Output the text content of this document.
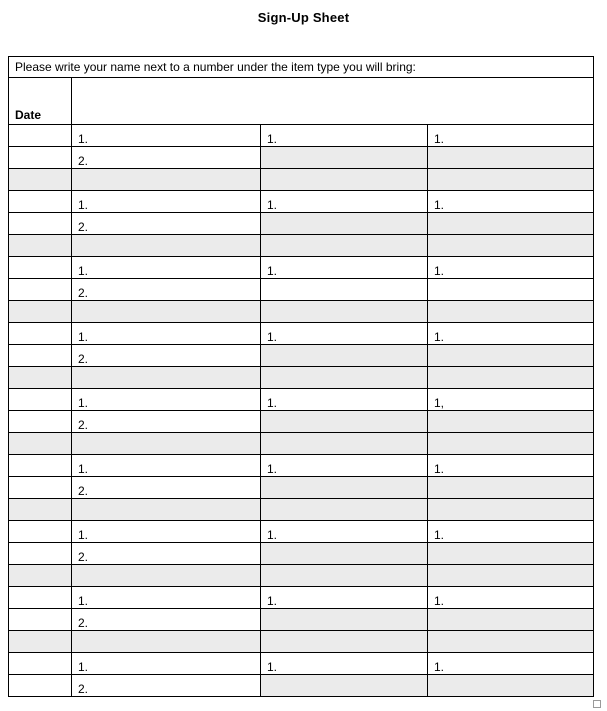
Sign-Up Sheet
Please write your name next to a number under the item type you will bring:			
Date			
	1.	1.	1.
	2.		

	1.	1.	1.
	2.		

	1.	1.	1.
	2.		

	1.	1.	1.
	2.		

	1.	1.	1,
	2.		

	1.	1.	1.
	2.		

	1.	1.	1.
	2.		

	1.	1.	1.
	2.		

	1.	1.	1.
	2.		
